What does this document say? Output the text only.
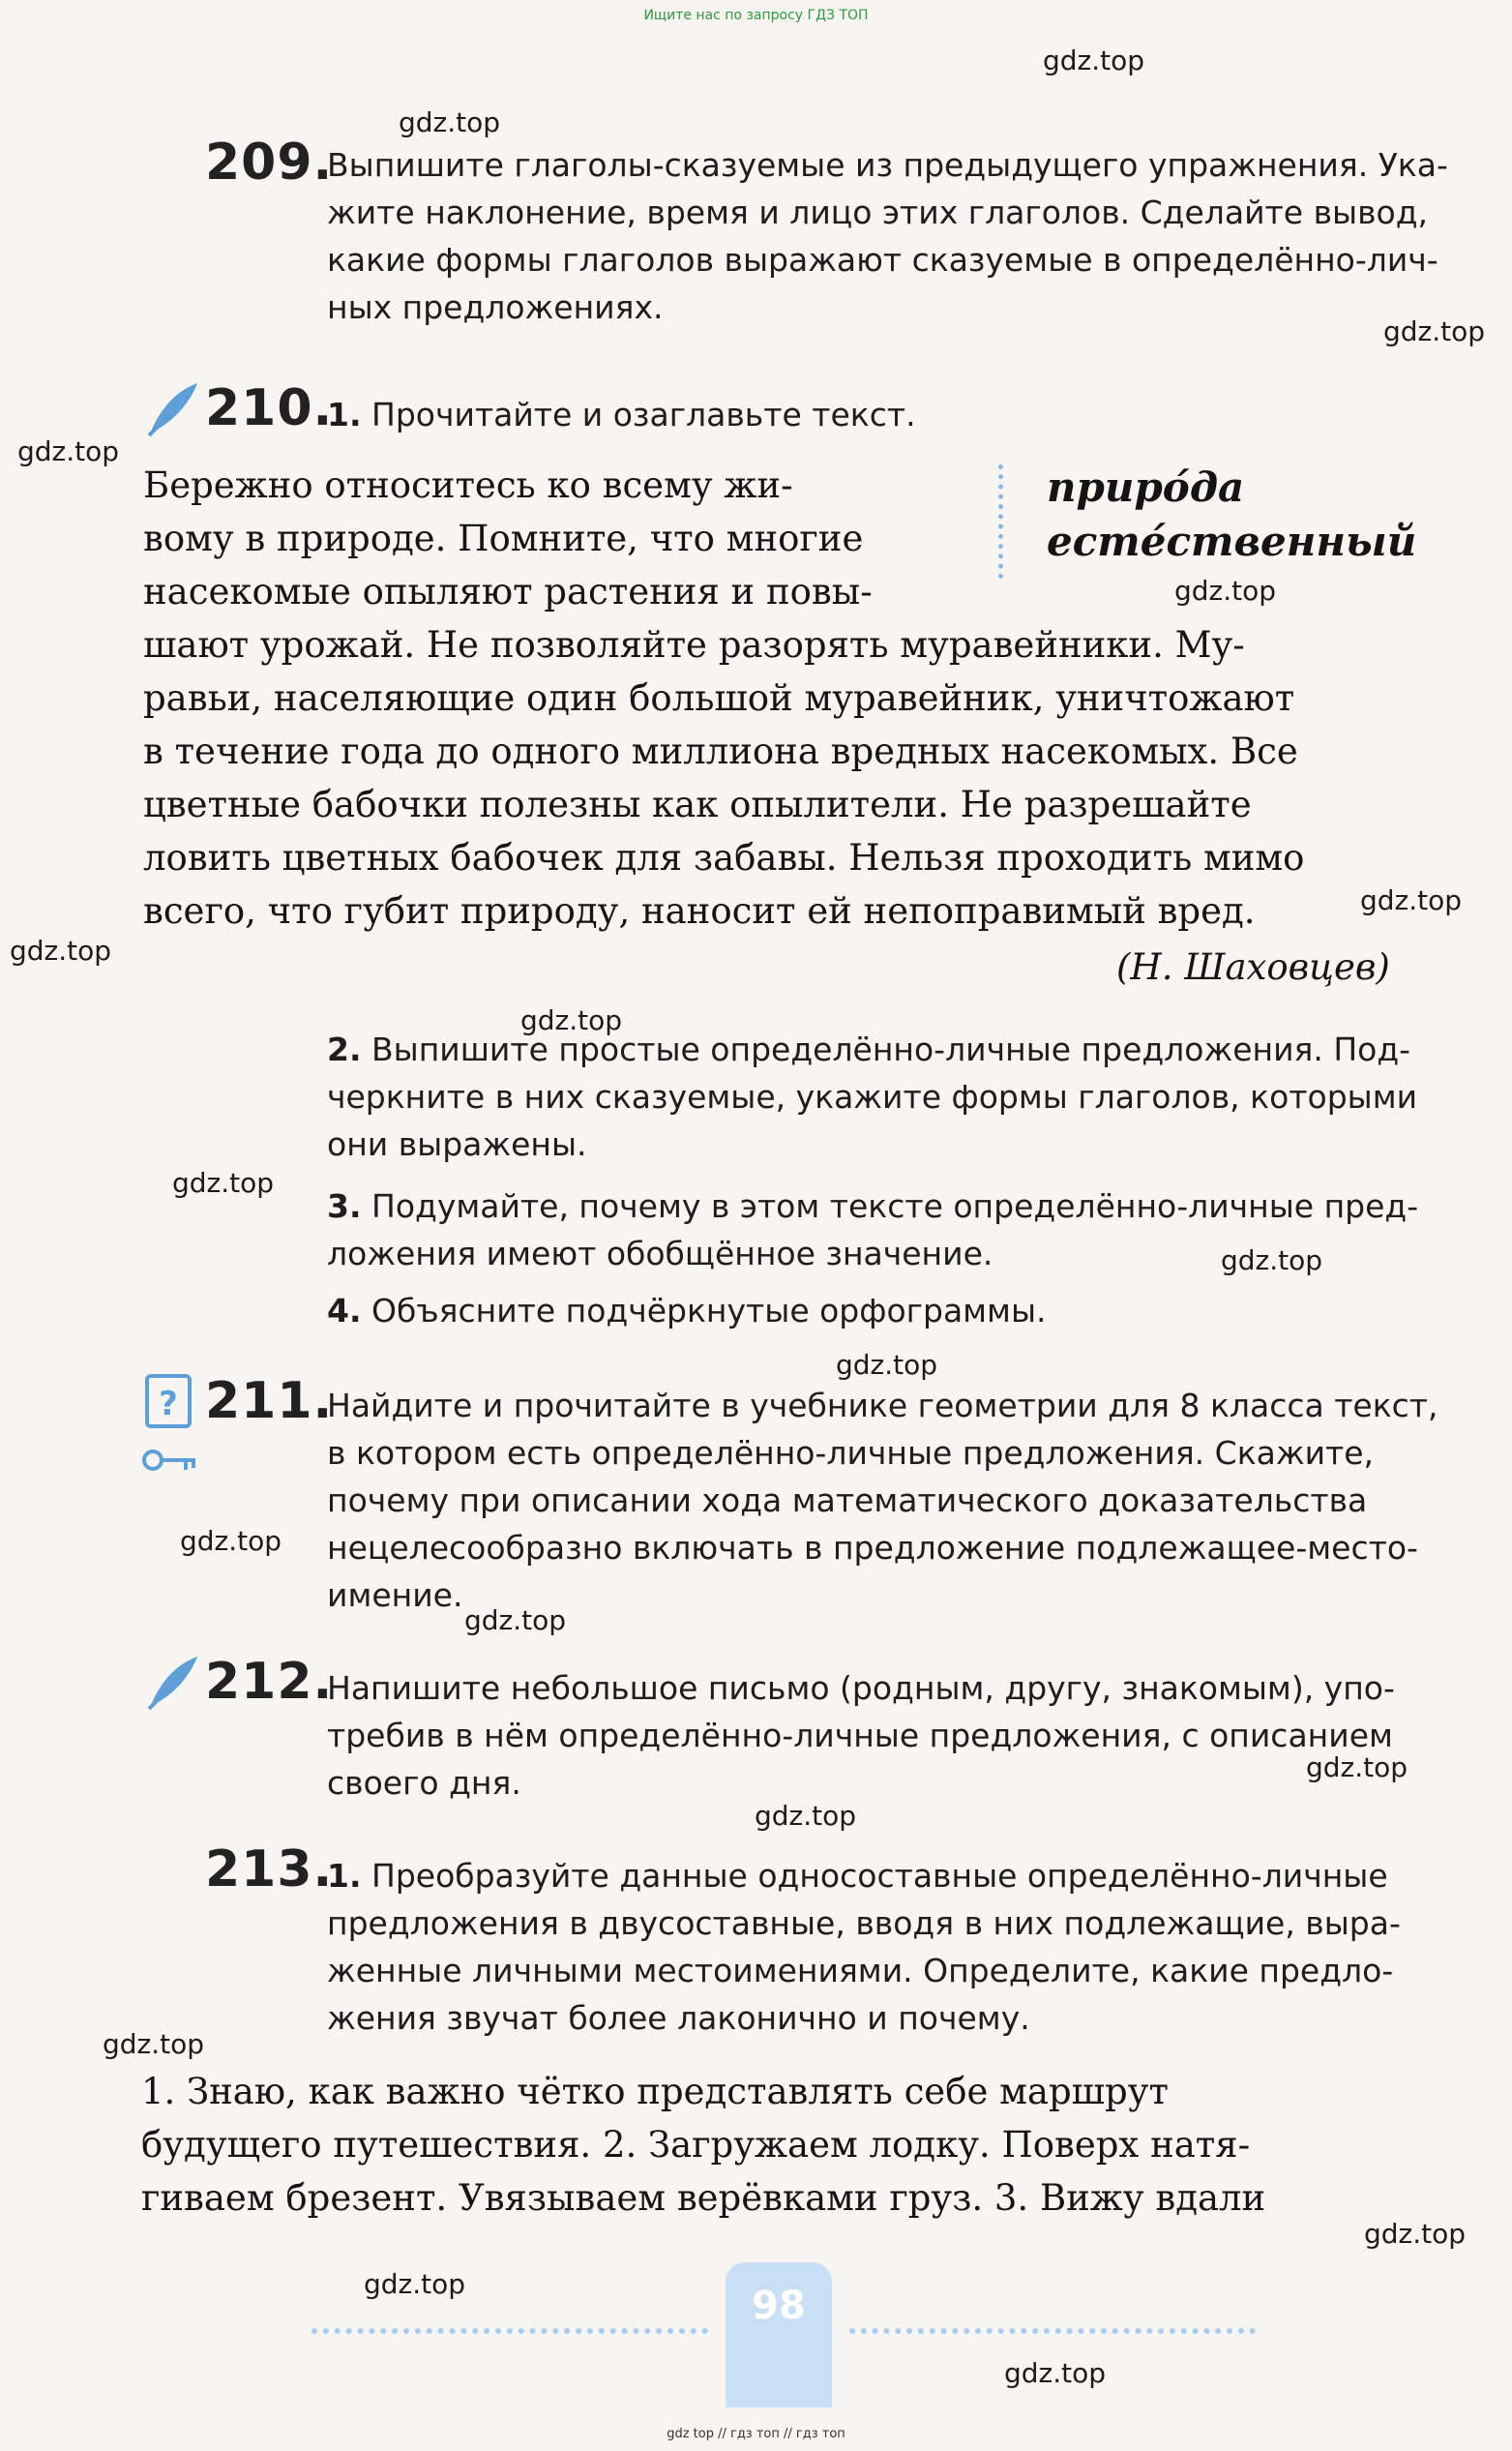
Ищите нас по запросу ГДЗ ТОП
gdz top // гдз топ // гдз топ
gdz.top
gdz.top
gdz.top
gdz.top
gdz.top
gdz.top
gdz.top
gdz.top
gdz.top
gdz.top
gdz.top
gdz.top
gdz.top
gdz.top
gdz.top
gdz.top
gdz.top
gdz.top
gdz.top
209.
Выпишите глаголы-сказуемые из предыдущего упражнения. Ука-
жите наклонение, время и лицо этих глаголов. Сделайте вывод,
какие формы глаголов выражают сказуемые в определённо-лич-
ных предложениях.
210.
1. Прочитайте и озаглавьте текст.
Бережно относитесь ко всему жи-
вому в природе. Помните, что многие
насекомые опыляют растения и повы-
шают урожай. Не позволяйте разорять муравейники. Му-
равьи, населяющие один большой муравейник, уничтожают
в течение года до одного миллиона вредных насекомых. Все
цветные бабочки полезны как опылители. Не разрешайте
ловить цветных бабочек для забавы. Нельзя проходить мимо
всего, что губит природу, наносит ей непоправимый вред.
приро́да
есте́ственный
(Н. Шаховцев)
2. Выпишите простые определённо-личные предложения. Под-
черкните в них сказуемые, укажите формы глаголов, которыми
они выражены.
3. Подумайте, почему в этом тексте определённо-личные пред-
ложения имеют обобщённое значение.
4. Объясните подчёркнутые орфограммы.
? 211.
Найдите и прочитайте в учебнике геометрии для 8 класса текст,
в котором есть определённо-личные предложения. Скажите,
почему при описании хода математического доказательства
нецелесообразно включать в предложение подлежащее-место-
имение.
212.
Напишите небольшое письмо (родным, другу, знакомым), упо-
требив в нём определённо-личные предложения, с описанием
своего дня.
213.
1. Преобразуйте данные односоставные определённо-личные
предложения в двусоставные, вводя в них подлежащие, выра-
женные личными местоимениями. Определите, какие предло-
жения звучат более лаконично и почему.
1. Знаю, как важно чётко представлять себе маршрут
будущего путешествия. 2. Загружаем лодку. Поверх натя-
гиваем брезент. Увязываем верёвками груз. 3. Вижу вдали
98
